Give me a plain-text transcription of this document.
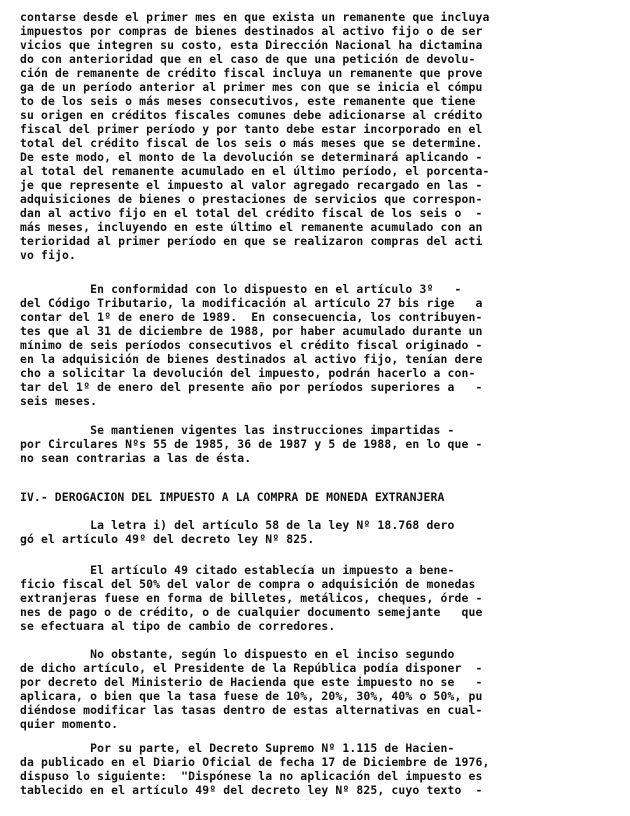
contarse desde el primer mes en que exista un remanente que incluya
impuestos por compras de bienes destinados al activo fijo o de ser
vicios que integren su costo, esta Dirección Nacional ha dictamina
do con anterioridad que en el caso de que una petición de devolu-
ción de remanente de crédito fiscal incluya un remanente que prove
ga de un período anterior al primer mes con que se inicia el cómpu
to de los seis o más meses consecutivos, este remanente que tiene
su origen en créditos fiscales comunes debe adicionarse al crédito
fiscal del primer período y por tanto debe estar incorporado en el
total del crédito fiscal de los seis o más meses que se determine.
De este modo, el monto de la devolución se determinará aplicando -
al total del remanente acumulado en el último período, el porcenta-
je que represente el impuesto al valor agregado recargado en las -
adquisiciones de bienes o prestaciones de servicios que correspon-
dan al activo fijo en el total del crédito fiscal de los seis o  -
más meses, incluyendo en este último el remanente acumulado con an
terioridad al primer período en que se realizaron compras del acti
vo fijo.
En conformidad con lo dispuesto en el artículo 3º   -
del Código Tributario, la modificación al artículo 27 bis rige   a
contar del 1º de enero de 1989.  En consecuencia, los contribuyen-
tes que al 31 de diciembre de 1988, por haber acumulado durante un
mínimo de seis períodos consecutivos el crédito fiscal originado -
en la adquisición de bienes destinados al activo fijo, tenían dere
cho a solicitar la devolución del impuesto, podrán hacerlo a con-
tar del 1º de enero del presente año por períodos superiores a   -
seis meses.
Se mantienen vigentes las instrucciones impartidas -
por Circulares Nºs 55 de 1985, 36 de 1987 y 5 de 1988, en lo que -
no sean contrarias a las de ésta.
IV.- DEROGACION DEL IMPUESTO A LA COMPRA DE MONEDA EXTRANJERA
La letra i) del artículo 58 de la ley Nº 18.768 dero
gó el artículo 49º del decreto ley Nº 825.
El artículo 49 citado establecía un impuesto a bene-
ficio fiscal del 50% del valor de compra o adquisición de monedas
extranjeras fuese en forma de billetes, metálicos, cheques, órde -
nes de pago o de crédito, o de cualquier documento semejante   que
se efectuara al tipo de cambio de corredores.
No obstante, según lo dispuesto en el inciso segundo
de dicho artículo, el Presidente de la República podía disponer  -
por decreto del Ministerio de Hacienda que este impuesto no se   -
aplicara, o bien que la tasa fuese de 10%, 20%, 30%, 40% o 50%, pu
diéndose modificar las tasas dentro de estas alternativas en cual-
quier momento.
Por su parte, el Decreto Supremo Nº 1.115 de Hacien-
da publicado en el Diario Oficial de fecha 17 de Diciembre de 1976,
dispuso lo siguiente:  "Dispónese la no aplicación del impuesto es
tablecido en el artículo 49º del decreto ley Nº 825, cuyo texto  -
